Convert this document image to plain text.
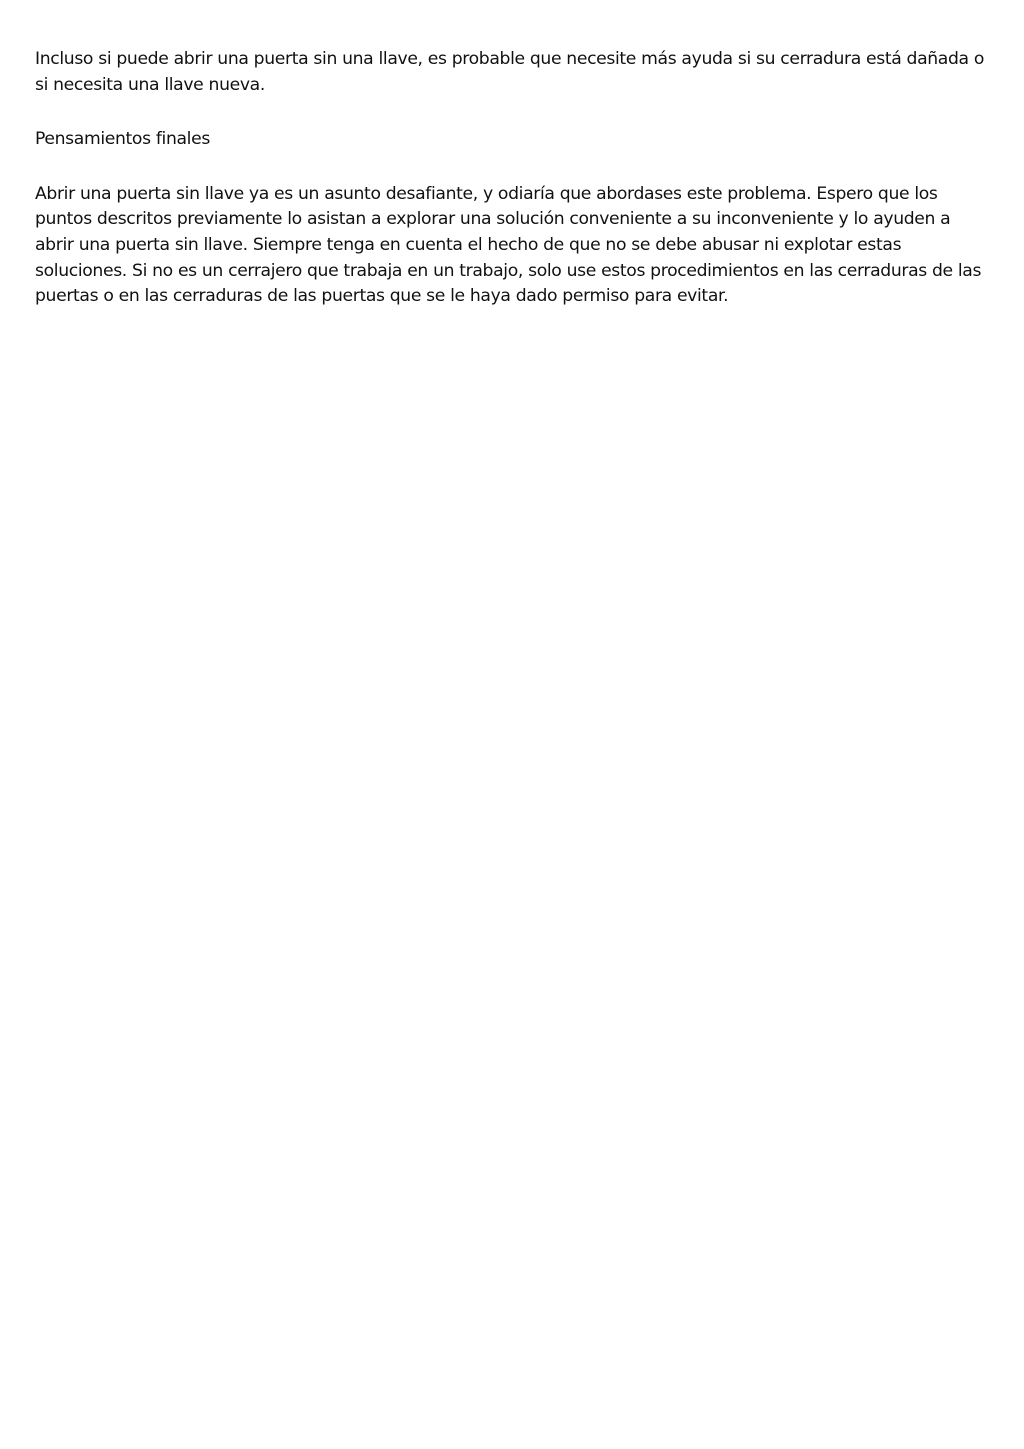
Incluso si puede abrir una puerta sin una llave, es probable que necesite más ayuda si su cerradura está dañada o si necesita una llave nueva.

Pensamientos finales

Abrir una puerta sin llave ya es un asunto desafiante, y odiaría que abordases este problema. Espero que los puntos descritos previamente lo asistan a explorar una solución conveniente a su inconveniente y lo ayuden a abrir una puerta sin llave. Siempre tenga en cuenta el hecho de que no se debe abusar ni explotar estas soluciones. Si no es un cerrajero que trabaja en un trabajo, solo use estos procedimientos en las cerraduras de las puertas o en las cerraduras de las puertas que se le haya dado permiso para evitar.
